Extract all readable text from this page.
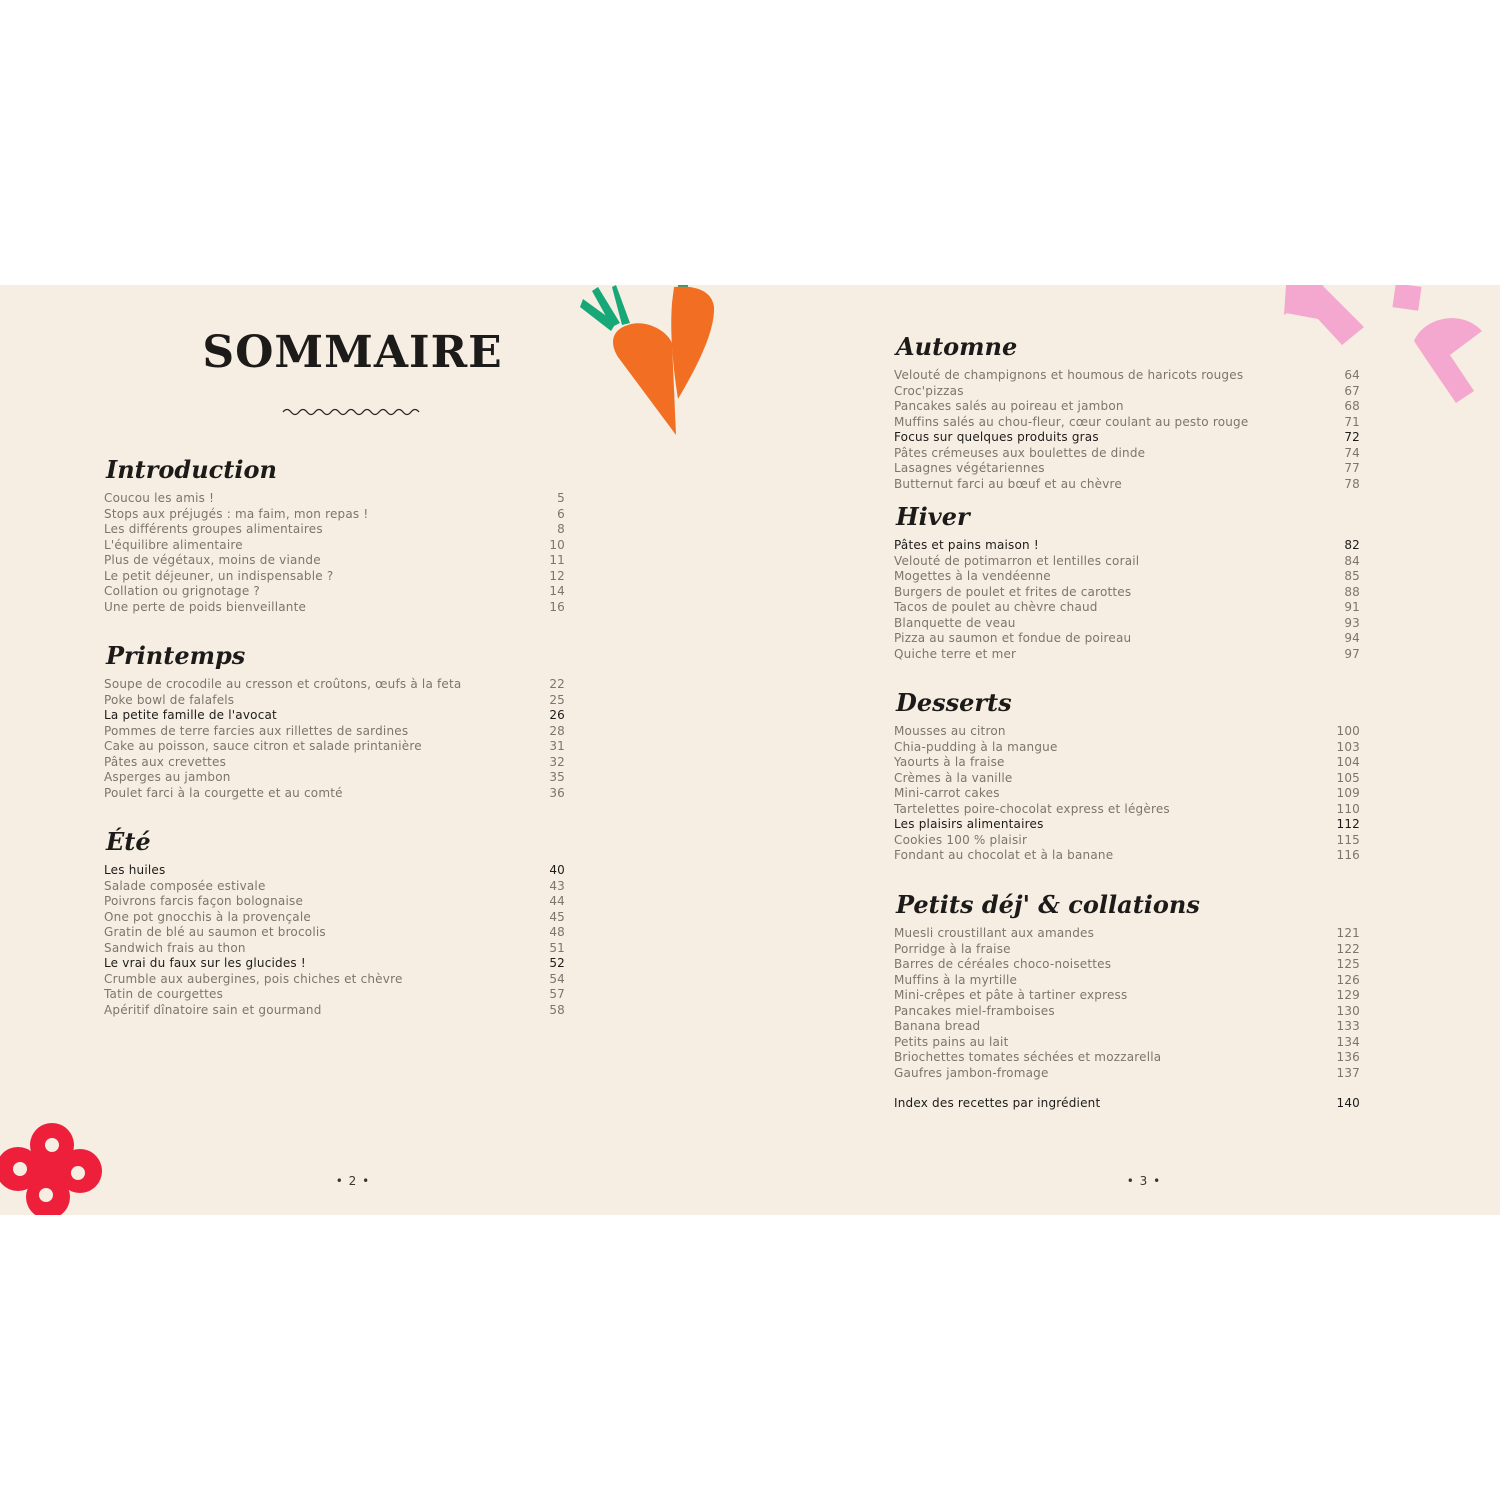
SOMMAIRE
Introduction
Coucou les amis !	5
Stops aux préjugés : ma faim, mon repas !	6
Les différents groupes alimentaires	8
L'équilibre alimentaire	10
Plus de végétaux, moins de viande	11
Le petit déjeuner, un indispensable ?	12
Collation ou grignotage ?	14
Une perte de poids bienveillante	16
Printemps
Soupe de crocodile au cresson et croûtons, œufs à la feta	22
Poke bowl de falafels	25
La petite famille de l'avocat	26
Pommes de terre farcies aux rillettes de sardines	28
Cake au poisson, sauce citron et salade printanière	31
Pâtes aux crevettes	32
Asperges au jambon	35
Poulet farci à la courgette et au comté	36
Été
Les huiles	40
Salade composée estivale	43
Poivrons farcis façon bolognaise	44
One pot gnocchis à la provençale	45
Gratin de blé au saumon et brocolis	48
Sandwich frais au thon	51
Le vrai du faux sur les glucides !	52
Crumble aux aubergines, pois chiches et chèvre	54
Tatin de courgettes	57
Apéritif dînatoire sain et gourmand	58
• 2 •
Automne
Velouté de champignons et houmous de haricots rouges	64
Croc'pizzas	67
Pancakes salés au poireau et jambon	68
Muffins salés au chou-fleur, cœur coulant au pesto rouge	71
Focus sur quelques produits gras	72
Pâtes crémeuses aux boulettes de dinde	74
Lasagnes végétariennes	77
Butternut farci au bœuf et au chèvre	78
Hiver
Pâtes et pains maison !	82
Velouté de potimarron et lentilles corail	84
Mogettes à la vendéenne	85
Burgers de poulet et frites de carottes	88
Tacos de poulet au chèvre chaud	91
Blanquette de veau	93
Pizza au saumon et fondue de poireau	94
Quiche terre et mer	97
Desserts
Mousses au citron	100
Chia-pudding à la mangue	103
Yaourts à la fraise	104
Crèmes à la vanille	105
Mini-carrot cakes	109
Tartelettes poire-chocolat express et légères	110
Les plaisirs alimentaires	112
Cookies 100 % plaisir	115
Fondant au chocolat et à la banane	116
Petits déj' & collations
Muesli croustillant aux amandes	121
Porridge à la fraise	122
Barres de céréales choco-noisettes	125
Muffins à la myrtille	126
Mini-crêpes et pâte à tartiner express	129
Pancakes miel-framboises	130
Banana bread	133
Petits pains au lait	134
Briochettes tomates séchées et mozzarella	136
Gaufres jambon-fromage	137
Index des recettes par ingrédient	140
• 3 •
